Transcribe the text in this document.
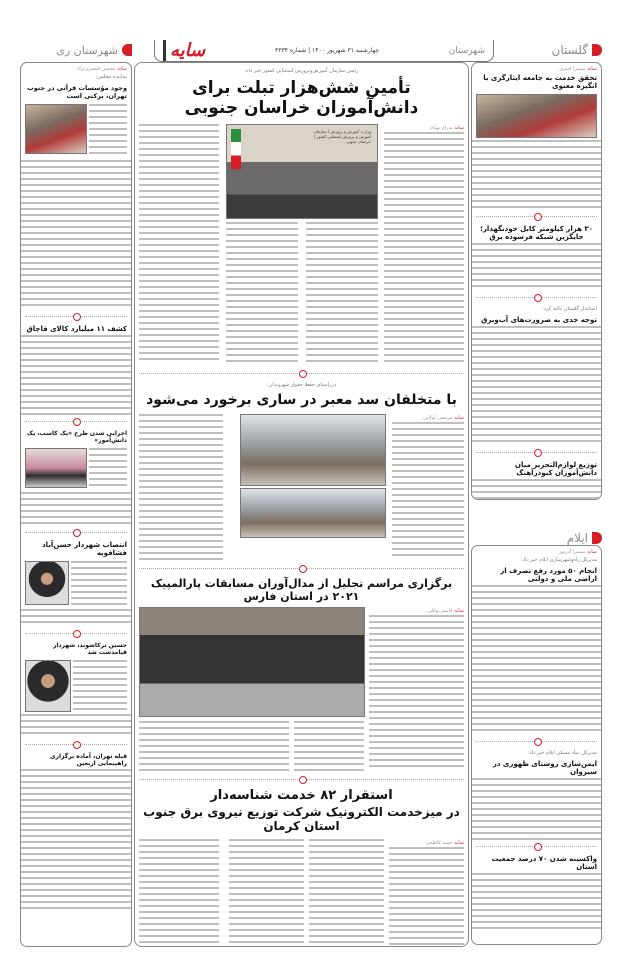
گلستان
شهرستان
چهارشنبه ۳۱ شهریور ۱۴۰۰ | شماره ۳۳۳۴
سایه
شهرستان ری
سایه سمیرا قنبری
تحقق خدمت به جامعه ایثارگری با انگیزه معنوی
۳۰ هزار کیلومتر کابل خودنگهدار؛
جایگزین شبکه فرسوده برق
استاندار گلستان تاکید کرد:
توجه جدی به ضرورت‌های آب‌وبرق
توزیع لوازم‌التحریر میان دانش‌آموزان کبودرآهنگ
ایلام
سایه سمیرا آذرپور
مدیرکل راه‌وشهرسازی ایلام خبر داد:
انجام ۵۰ مورد رفع تصرف از اراضی ملی و دولتی
مدیرکل بنیاد مسکن ایلام خبر داد:
ایمن‌سازی روستای ظهوری در سیروان
واکسینه شدن ۷۰ درصد جمعیت استان
رئیس سازمان آموزش‌وپرورش استثنایی کشور خبر داد:
تأمین شش‌هزار تبلت برای دانش‌آموزان خراسان جنوبی
سایه پدرام بهنام
وزارت آموزش و پرورش / سازمان آموزش و پرورش استثنایی کشور / خراسان جنوبی
درراستای حفظ حقوق شهروندان:
با متخلفان سد معبر در ساری برخورد می‌شود
سایه مرتضی لولایی
برگزاری مراسم تجلیل از مدال‌آوران مسابقات پارالمپیک ۲۰۲۱ در استان فارس
سایه قاسم توکلی
استقرار ۸۲ خدمت شناسه‌دار
در میزخدمت الکترونیک شرکت توزیع نیروی برق جنوب استان کرمان
سایه حمید کاظمی
سایه محسن قیصری‌نژاد
نماینده مجلس:
وجود مؤسسات قرآنی در جنوب تهران، برکتی است
کشف ۱۱ میلیارد کالای قاچاق
اجرایی شدن طرح «یک کاسب، یک دانش‌آموز»
انتصاب شهردار حسن‌آباد فشافویه
حسین ترکاشوند، شهردار قیامدشت شد
قبله تهران، آماده برگزاری راهپیمایی اربعین
